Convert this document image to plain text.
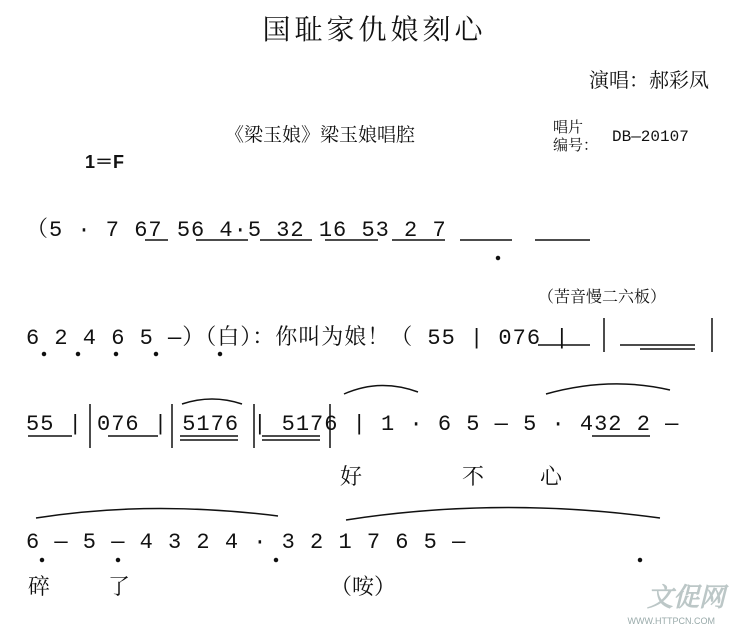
国耻家仇娘刻心
演唱：郝彩凤
《梁玉娘》梁玉娘唱腔	唱片
编号： DB—20107
1＝F
（苦音慢二六板）
（5 · 7 67 56 4·5 32 16 53 2 7
6 2 4 6 5 —）（白）：你叫为娘！（ 55 | 076 |
55 | 076 | 5176 | 5176 | 1 · 6 5 — 5 · 432 2 —
6 — 5 — 4 3 2 4 · 3 2 1 7 6 5 —
好	不	心
碎	了	（咹）	文促网
WWW.HTTPCN.COM
